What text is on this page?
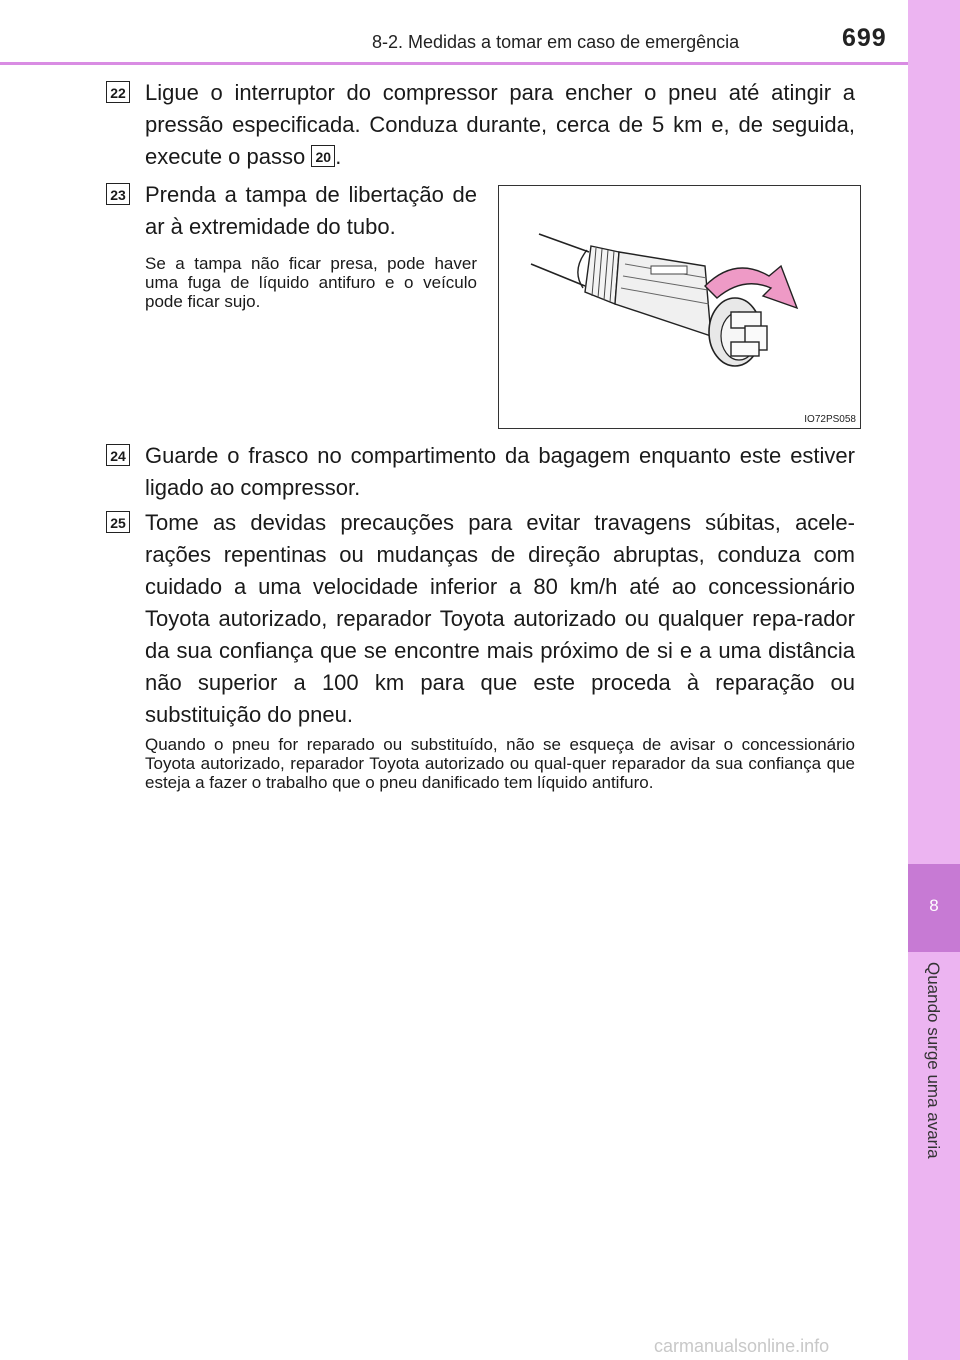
8-2. Medidas a tomar em caso de emergência	699
8
Quando surge uma avaria
22 Ligue o interruptor do compressor para encher o pneu até atingir a pressão especificada. Conduza durante, cerca de 5 km e, de seguida, execute o passo 20 .
23 Prenda a tampa de libertação de ar à extremidade do tubo.
Se a tampa não ficar presa, pode haver uma fuga de líquido antifuro e o veículo pode ficar sujo.
IO72PS058
24 Guarde o frasco no compartimento da bagagem enquanto este estiver ligado ao compressor.
25 Tome as devidas precauções para evitar travagens súbitas, acele-rações repentinas ou mudanças de direção abruptas, conduza com cuidado a uma velocidade inferior a 80 km/h até ao concessionário Toyota autorizado, reparador Toyota autorizado ou qualquer repa-rador da sua confiança que se encontre mais próximo de si e a uma distância não superior a 100 km para que este proceda à reparação ou substituição do pneu.
Quando o pneu for reparado ou substituído, não se esqueça de avisar o concessionário Toyota autorizado, reparador Toyota autorizado ou qual-quer reparador da sua confiança que esteja a fazer o trabalho que o pneu danificado tem líquido antifuro.
carmanualsonline.info
